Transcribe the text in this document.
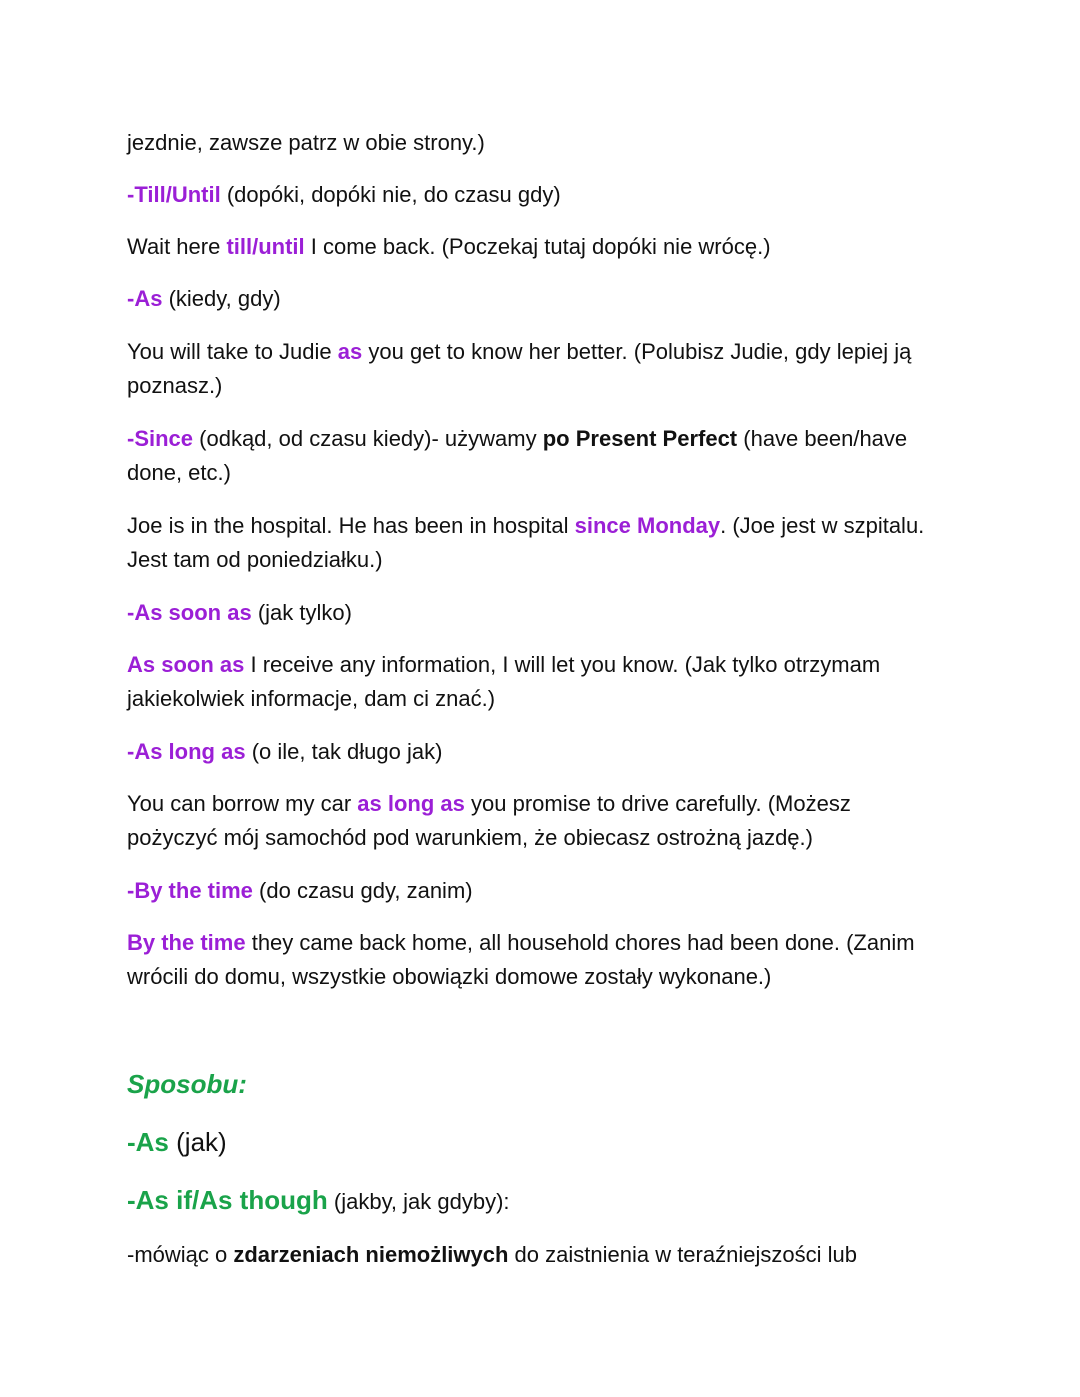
jezdnie, zawsze patrz w obie strony.)

-Till/Until (dopóki, dopóki nie, do czasu gdy)

Wait here till/until I come back. (Poczekaj tutaj dopóki nie wrócę.)

-As (kiedy, gdy)

You will take to Judie as you get to know her better. (Polubisz Judie, gdy lepiej ją poznasz.)

-Since (odkąd, od czasu kiedy)- używamy po Present Perfect (have been/have done, etc.)

Joe is in the hospital. He has been in hospital since Monday. (Joe jest w szpitalu. Jest tam od poniedziałku.)

-As soon as (jak tylko)

As soon as I receive any information, I will let you know. (Jak tylko otrzymam jakiekolwiek informacje, dam ci znać.)

-As long as (o ile, tak długo jak)

You can borrow my car as long as you promise to drive carefully. (Możesz pożyczyć mój samochód pod warunkiem, że obiecasz ostrożną jazdę.)

-By the time (do czasu gdy, zanim)

By the time they came back home, all household chores had been done. (Zanim wrócili do domu, wszystkie obowiązki domowe zostały wykonane.)

Sposobu:

-As (jak)

-As if/As though (jakby, jak gdyby):

-mówiąc o zdarzeniach niemożliwych do zaistnienia w teraźniejszości lub
